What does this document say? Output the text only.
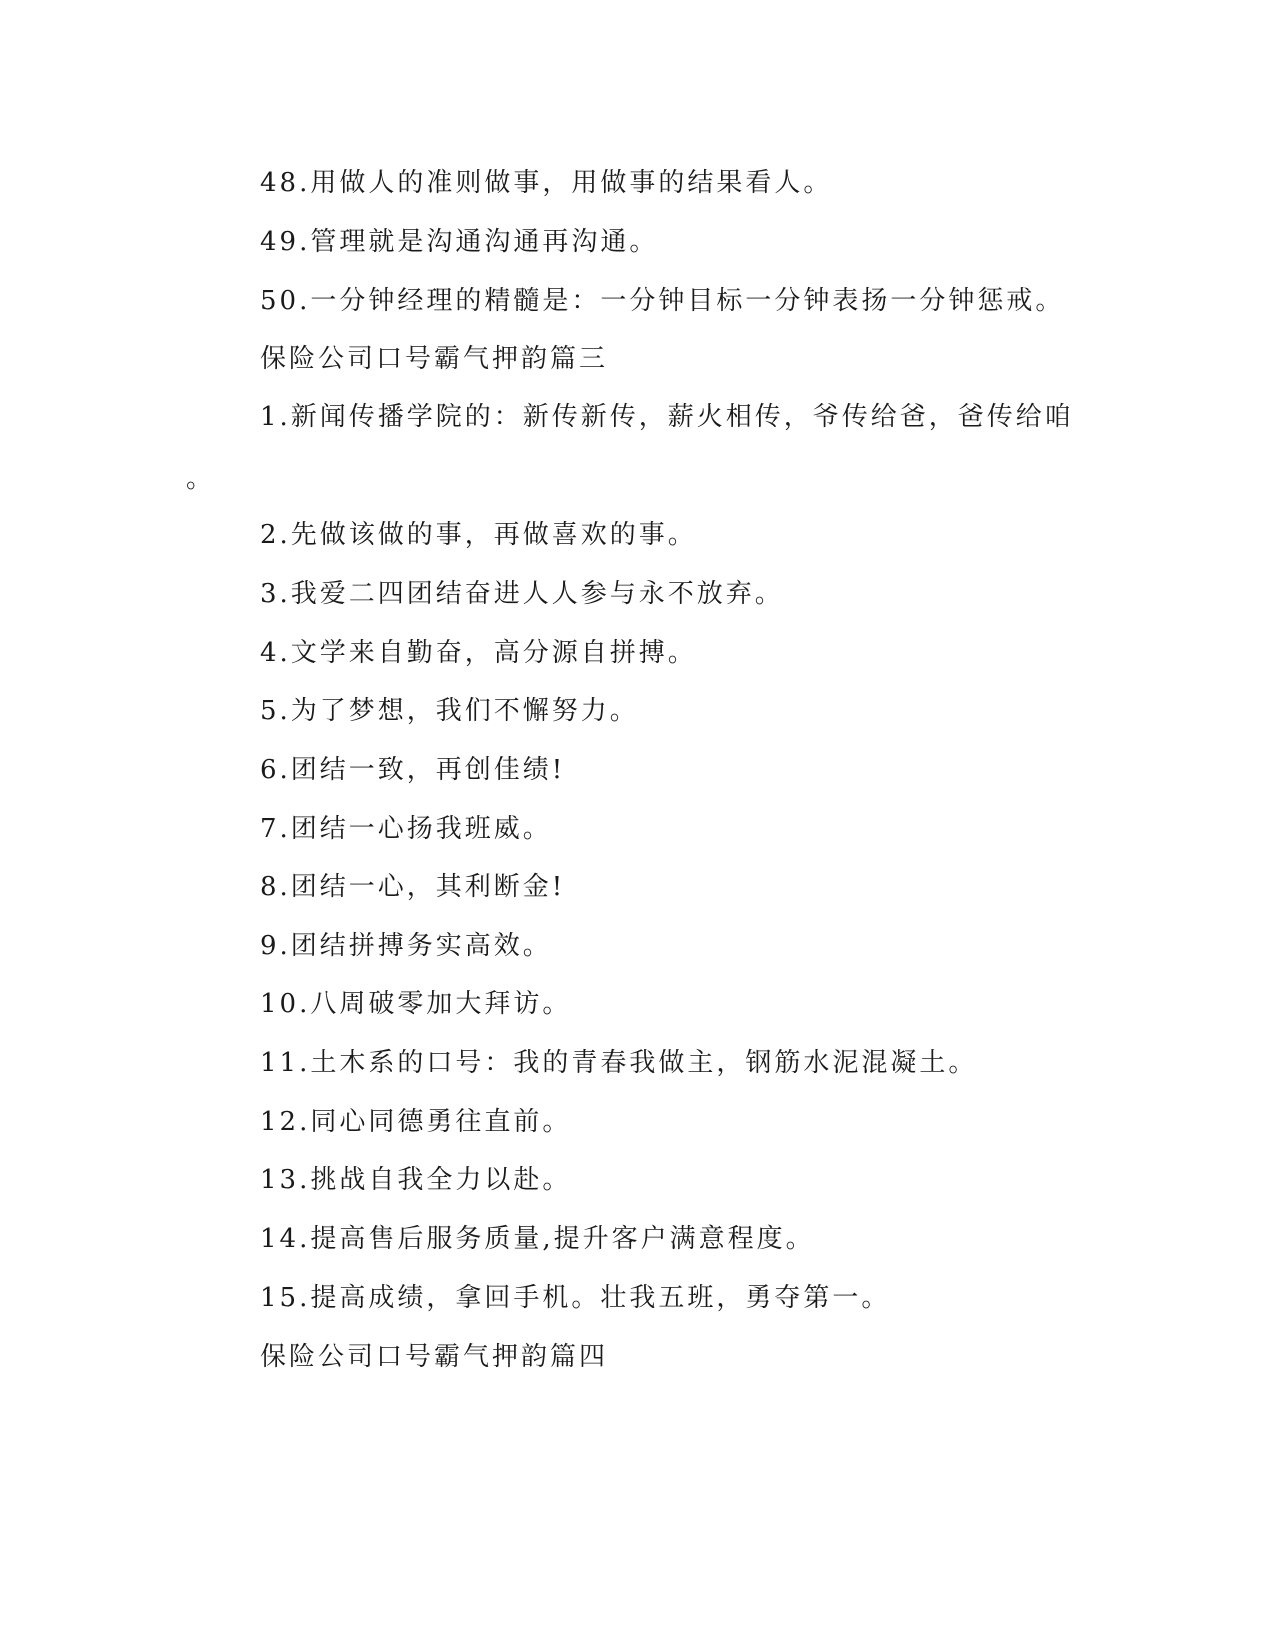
48.用做人的准则做事，用做事的结果看人。
49.管理就是沟通沟通再沟通。
50.一分钟经理的精髓是：一分钟目标一分钟表扬一分钟惩戒。
保险公司口号霸气押韵篇三
1.新闻传播学院的：新传新传，薪火相传，爷传给爸，爸传给咱
。
2.先做该做的事，再做喜欢的事。
3.我爱二四团结奋进人人参与永不放弃。
4.文学来自勤奋，高分源自拼搏。
5.为了梦想，我们不懈努力。
6.团结一致，再创佳绩!
7.团结一心扬我班威。
8.团结一心，其利断金!
9.团结拼搏务实高效。
10.八周破零加大拜访。
11.土木系的口号：我的青春我做主，钢筋水泥混凝土。
12.同心同德勇往直前。
13.挑战自我全力以赴。
14.提高售后服务质量,提升客户满意程度。
15.提高成绩，拿回手机。壮我五班，勇夺第一。
保险公司口号霸气押韵篇四
